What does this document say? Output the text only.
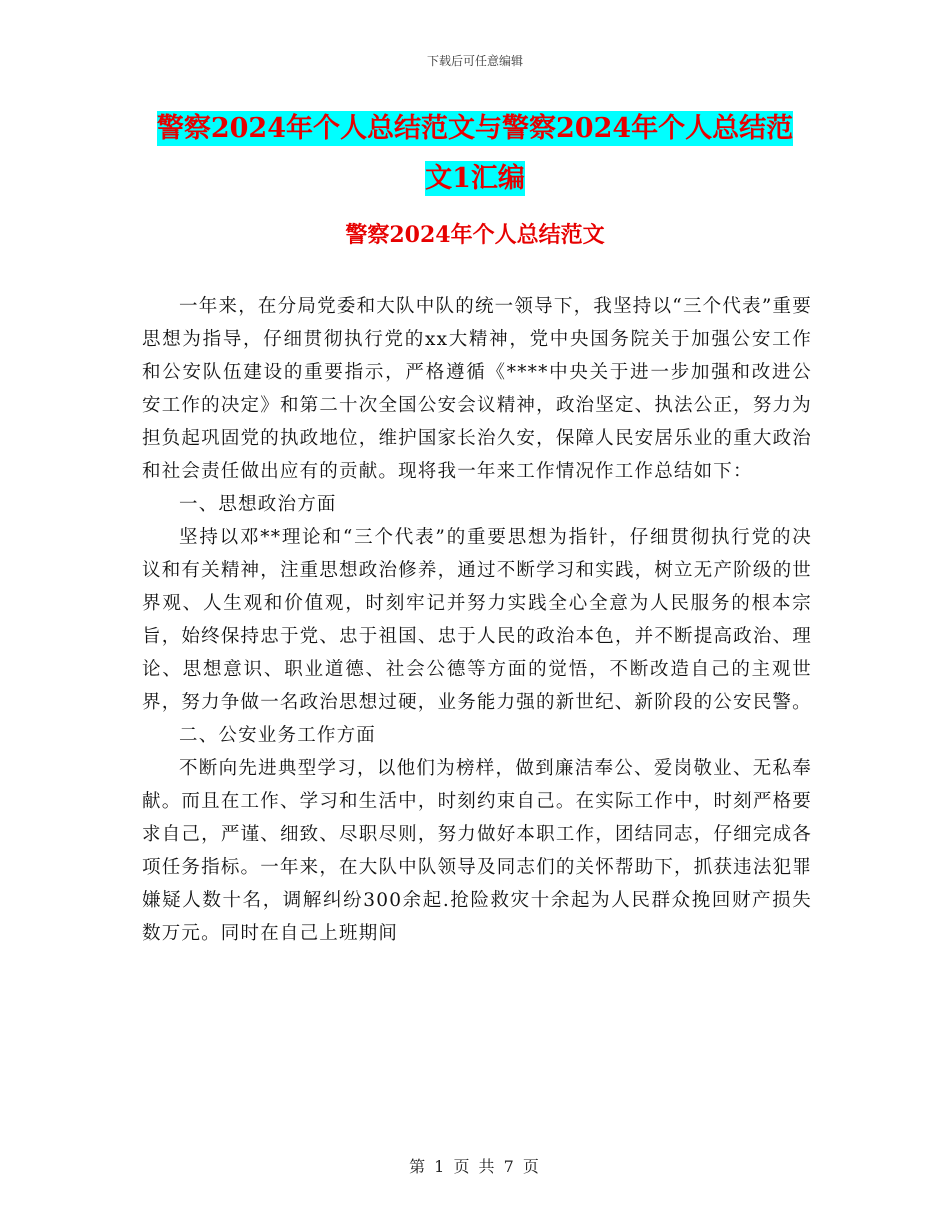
下载后可任意编辑
警察2024年个人总结范文与警察2024年个人总结范
文1汇编
警察2024年个人总结范文

一年来，在分局党委和大队中队的统一领导下，我坚持以“三个代表”重要思想为指导，仔细贯彻执行党的xx大精神，党中央国务院关于加强公安工作和公安队伍建设的重要指示，严格遵循《****中央关于进一步加强和改进公安工作的决定》和第二十次全国公安会议精神，政治坚定、执法公正，努力为担负起巩固党的执政地位，维护国家长治久安，保障人民安居乐业的重大政治和社会责任做出应有的贡献。现将我一年来工作情况作工作总结如下：

一、思想政治方面

坚持以邓**理论和“三个代表”的重要思想为指针，仔细贯彻执行党的决议和有关精神，注重思想政治修养，通过不断学习和实践，树立无产阶级的世界观、人生观和价值观，时刻牢记并努力实践全心全意为人民服务的根本宗旨，始终保持忠于党、忠于祖国、忠于人民的政治本色，并不断提高政治、理论、思想意识、职业道德、社会公德等方面的觉悟，不断改造自己的主观世界，努力争做一名政治思想过硬，业务能力强的新世纪、新阶段的公安民警。

二、公安业务工作方面

不断向先进典型学习，以他们为榜样，做到廉洁奉公、爱岗敬业、无私奉献。而且在工作、学习和生活中，时刻约束自己。在实际工作中，时刻严格要求自己，严谨、细致、尽职尽则，努力做好本职工作，团结同志，仔细完成各项任务指标。一年来，在大队中队领导及同志们的关怀帮助下，抓获违法犯罪嫌疑人数十名，调解纠纷300余起.抢险救灾十余起为人民群众挽回财产损失数万元。同时在自己上班期间

第 1 页 共 7 页
